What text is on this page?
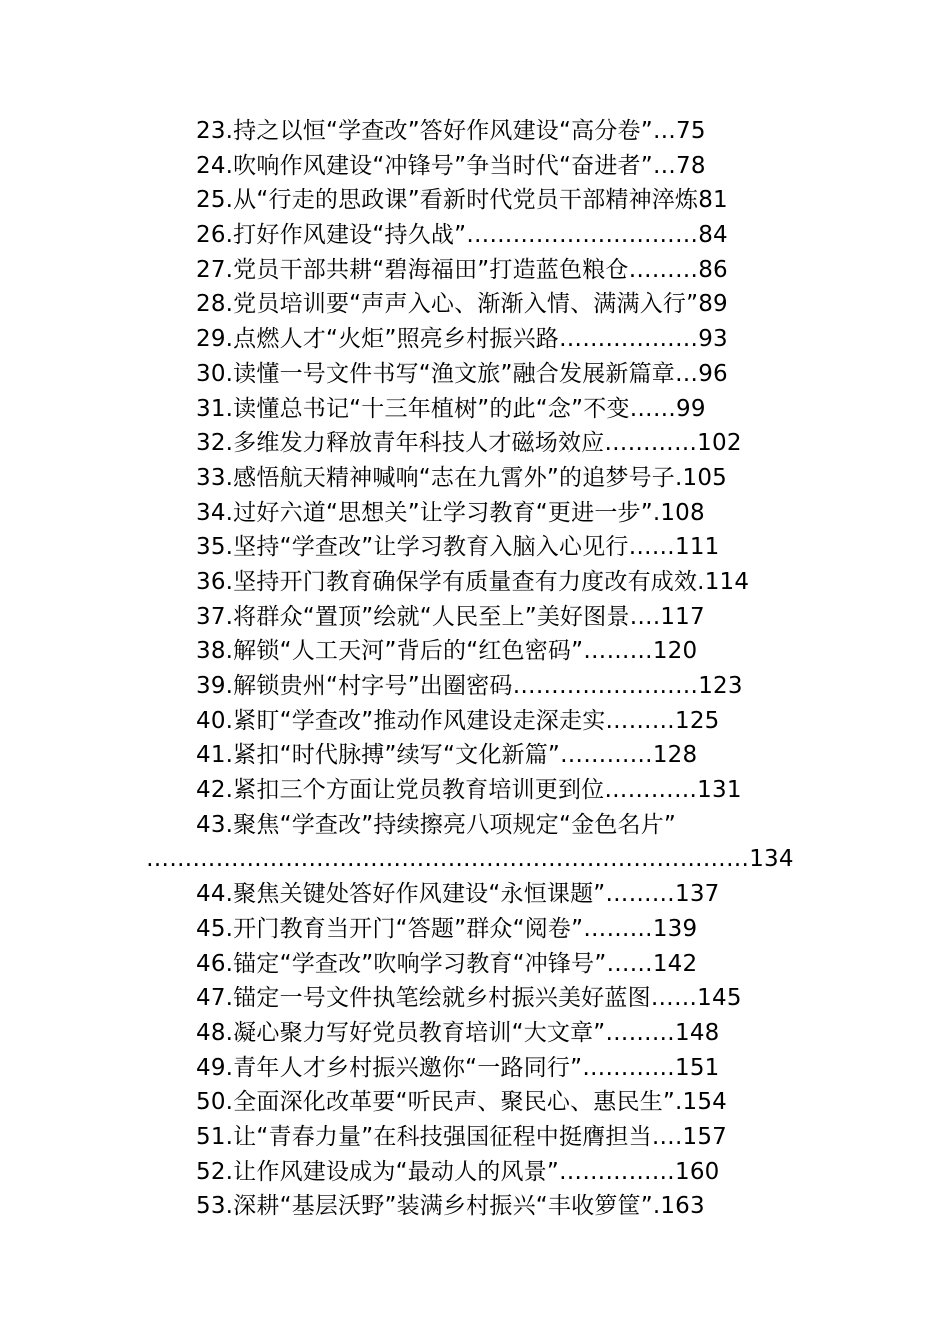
23.持之以恒“学查改”答好作风建设“高分卷”…75
24.吹响作风建设“冲锋号”争当时代“奋进者”…78
25.从“行走的思政课”看新时代党员干部精神淬炼81
26.打好作风建设“持久战”…………………………84
27.党员干部共耕“碧海福田”打造蓝色粮仓………86
28.党员培训要“声声入心、渐渐入情、满满入行”89
29.点燃人才“火炬”照亮乡村振兴路………………93
30.读懂一号文件书写“渔文旅”融合发展新篇章…96
31.读懂总书记“十三年植树”的此“念”不变……99
32.多维发力释放青年科技人才磁场效应…………102
33.感悟航天精神喊响“志在九霄外”的追梦号子.105
34.过好六道“思想关”让学习教育“更进一步”.108
35.坚持“学查改”让学习教育入脑入心见行……111
36.坚持开门教育确保学有质量查有力度改有成效.114
37.将群众“置顶”绘就“人民至上”美好图景….117
38.解锁“人工天河”背后的“红色密码”………120
39.解锁贵州“村字号”出圈密码……………………123
40.紧盯“学查改”推动作风建设走深走实………125
41.紧扣“时代脉搏”续写“文化新篇”…………128
42.紧扣三个方面让党员教育培训更到位…………131
43.聚焦“学查改”持续擦亮八项规定“金色名片”
……………………………………………………………………134
44.聚焦关键处答好作风建设“永恒课题”………137
45.开门教育当开门“答题”群众“阅卷”………139
46.锚定“学查改”吹响学习教育“冲锋号”……142
47.锚定一号文件执笔绘就乡村振兴美好蓝图……145
48.凝心聚力写好党员教育培训“大文章”………148
49.青年人才乡村振兴邀你“一路同行”…………151
50.全面深化改革要“听民声、聚民心、惠民生”.154
51.让“青春力量”在科技强国征程中挺膺担当….157
52.让作风建设成为“最动人的风景”……………160
53.深耕“基层沃野”装满乡村振兴“丰收箩筐”.163
